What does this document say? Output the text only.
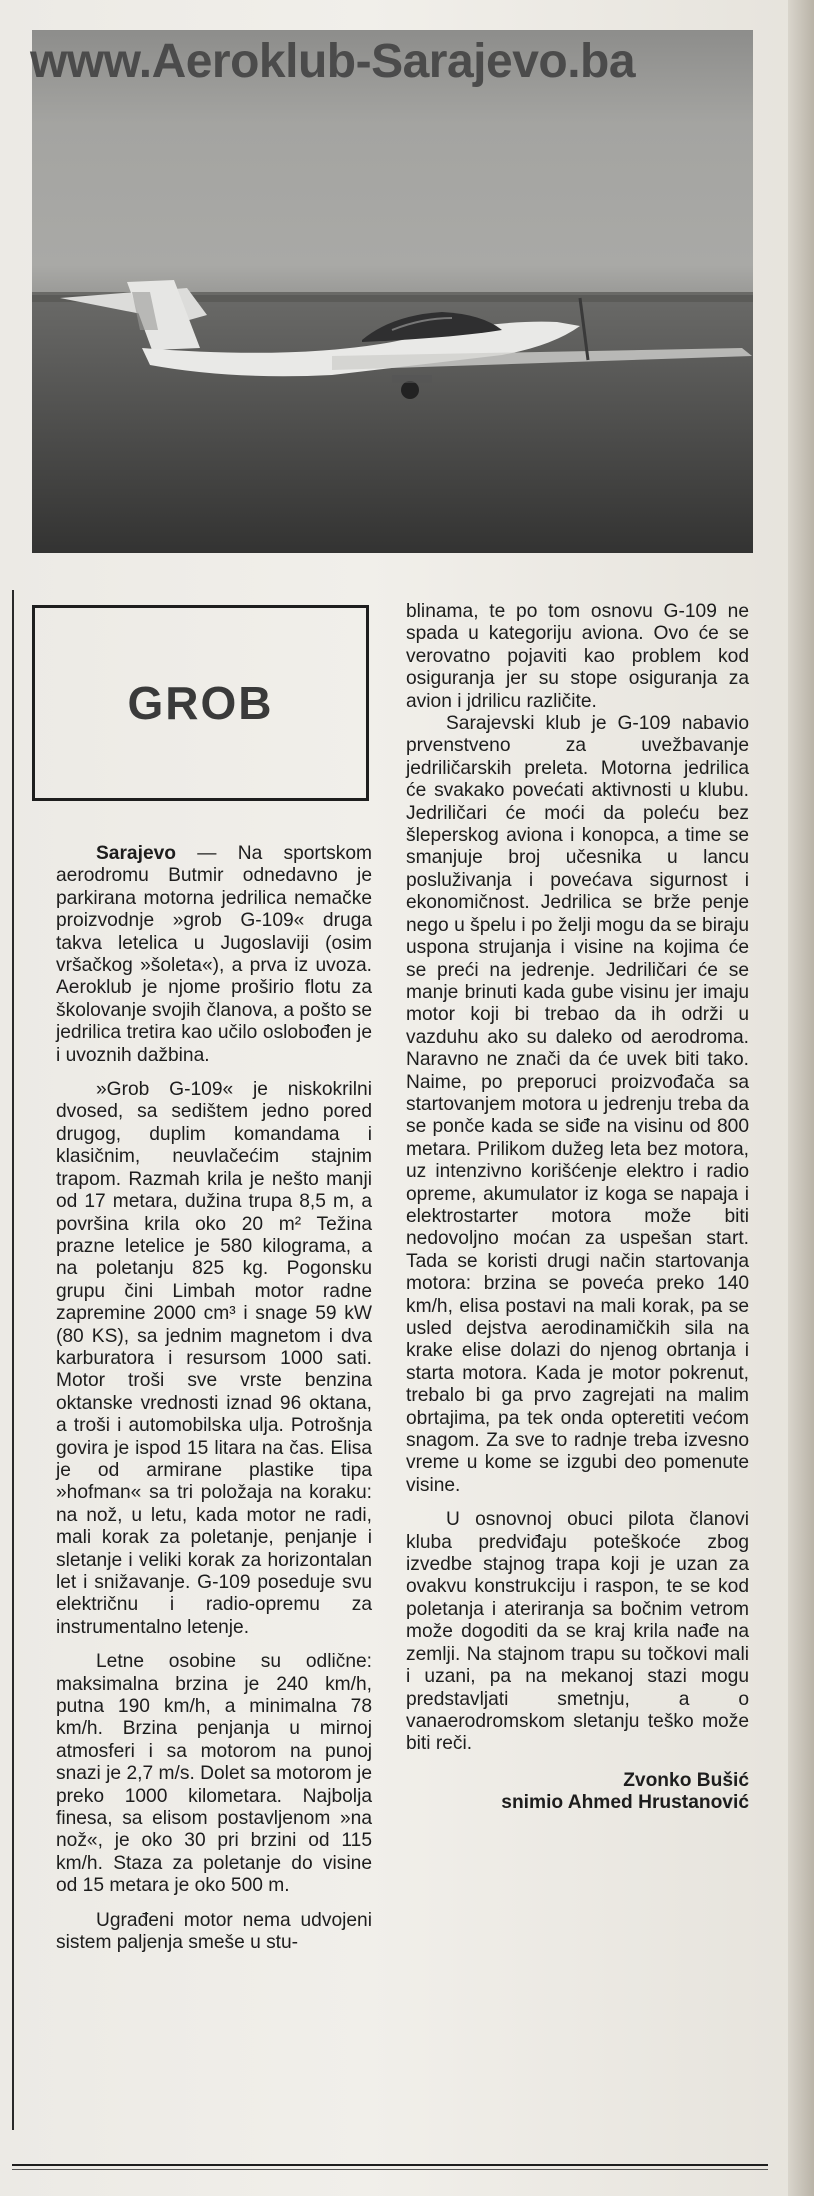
www.Aeroklub-Sarajevo.ba
GROB

Sarajevo — Na sportskom aerodromu Butmir odnedavno je parkirana motorna jedrilica nemačke proizvodnje »grob G-109« druga takva letelica u Jugoslaviji (osim vršačkog »šoleta«), a prva iz uvoza. Aeroklub je njome proširio flotu za školovanje svojih članova, a pošto se jedrilica tretira kao učilo oslobođen je i uvoznih dažbina.

»Grob G-109« je niskokrilni dvosed, sa sedištem jedno pored drugog, duplim komandama i klasičnim, neuvlačećim stajnim trapom. Razmah krila je nešto manji od 17 metara, dužina trupa 8,5 m, a površina krila oko 20 m² Težina prazne letelice je 580 kilograma, a na poletanju 825 kg. Pogonsku grupu čini Limbah motor radne zapremine 2000 cm³ i snage 59 kW (80 KS), sa jednim magnetom i dva karburatora i resursom 1000 sati. Motor troši sve vrste benzina oktanske vrednosti iznad 96 oktana, a troši i automobilska ulja. Potrošnja govira je ispod 15 litara na čas. Elisa je od armirane plastike tipa »hofman« sa tri položaja na koraku: na nož, u letu, kada motor ne radi, mali korak za poletanje, penjanje i sletanje i veliki korak za horizontalan let i snižavanje. G-109 poseduje svu električnu i radio-opremu za instrumentalno letenje.

Letne osobine su odlične: maksimalna brzina je 240 km/h, putna 190 km/h, a minimalna 78 km/h. Brzina penjanja u mirnoj atmosferi i sa motorom na punoj snazi je 2,7 m/s. Dolet sa motorom je preko 1000 kilometara. Najbolja finesa, sa elisom postavljenom »na nož«, je oko 30 pri brzini od 115 km/h. Staza za poletanje do visine od 15 metara je oko 500 m.

Ugrađeni motor nema udvojeni sistem paljenja smeše u stu-

blinama, te po tom osnovu G-109 ne spada u kategoriju aviona. Ovo će se verovatno pojaviti kao problem kod osiguranja jer su stope osiguranja za avion i jdrilicu različite.

Sarajevski klub je G-109 nabavio prvenstveno za uvežbavanje jedriličarskih preleta. Motorna jedrilica će svakako povećati aktivnosti u klubu. Jedriličari će moći da poleću bez šleperskog aviona i konopca, a time se smanjuje broj učesnika u lancu posluživanja i povećava sigurnost i ekonomičnost. Jedrilica se brže penje nego u špelu i po želji mogu da se biraju uspona strujanja i visine na kojima će se preći na jedrenje. Jedriličari će se manje brinuti kada gube visinu jer imaju motor koji bi trebao da ih održi u vazduhu ako su daleko od aerodroma. Naravno ne znači da će uvek biti tako. Naime, po preporuci proizvođača sa startovanjem motora u jedrenju treba da se ponče kada se siđe na visinu od 800 metara. Prilikom dužeg leta bez motora, uz intenzivno korišćenje elektro i radio opreme, akumulator iz koga se napaja i elektrostarter motora može biti nedovoljno moćan za uspešan start. Tada se koristi drugi način startovanja motora: brzina se poveća preko 140 km/h, elisa postavi na mali korak, pa se usled dejstva aerodinamičkih sila na krake elise dolazi do njenog obrtanja i starta motora. Kada je motor pokrenut, trebalo bi ga prvo zagrejati na malim obrtajima, pa tek onda opteretiti većom snagom. Za sve to radnje treba izvesno vreme u kome se izgubi deo pomenute visine.

U osnovnoj obuci pilota članovi kluba predviđaju poteškoće zbog izvedbe stajnog trapa koji je uzan za ovakvu konstrukciju i raspon, te se kod poletanja i ateriranja sa bočnim vetrom može dogoditi da se kraj krila nađe na zemlji. Na stajnom trapu su točkovi mali i uzani, pa na mekanoj stazi mogu predstavljati smetnju, a o vanaerodromskom sletanju teško može biti reči.

Zvonko Bušić
snimio Ahmed Hrustanović
